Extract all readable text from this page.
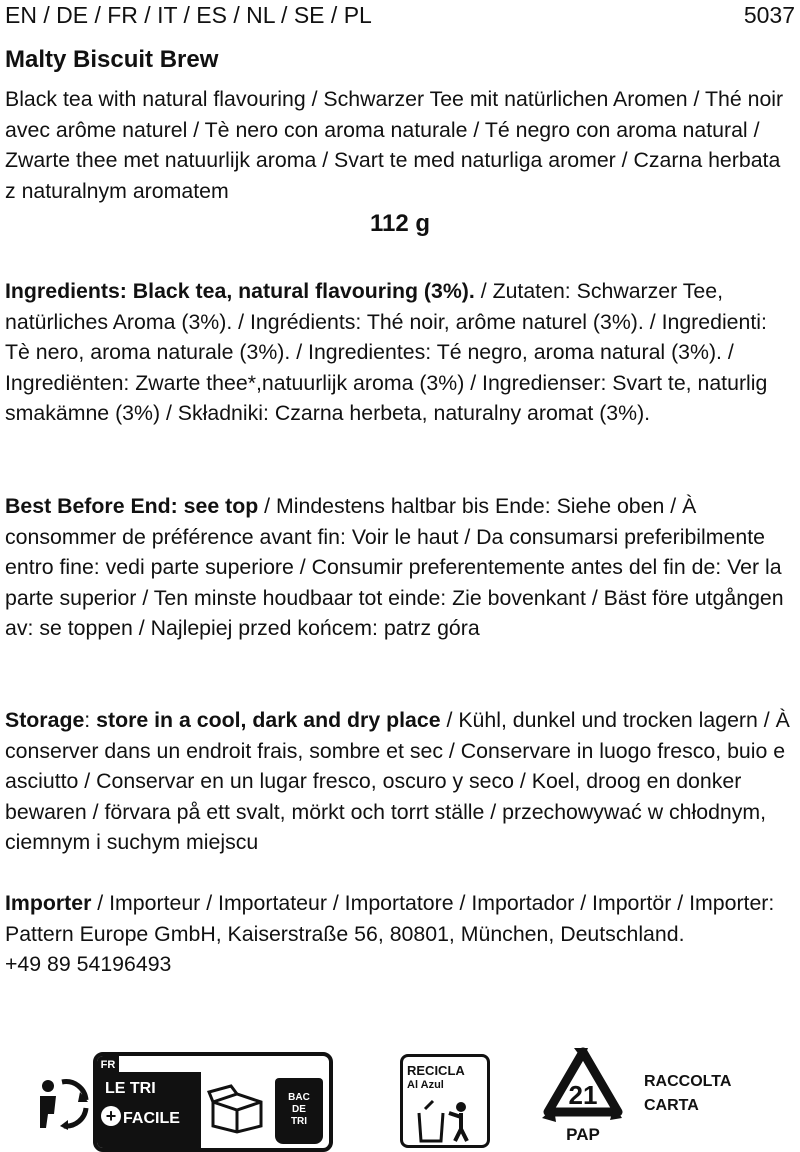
EN / DE / FR / IT / ES / NL / SE / PL	5037
Malty Biscuit Brew
Black tea with natural flavouring / Schwarzer Tee mit natürlichen Aromen / Thé noir avec arôme naturel / Tè nero con aroma naturale / Té negro con aroma natural / Zwarte thee met natuurlijk aroma / Svart te med naturliga aromer / Czarna herbata z naturalnym aromatem
112 g
Ingredients: Black tea, natural flavouring (3%). / Zutaten: Schwarzer Tee, natürliches Aroma (3%). / Ingrédients: Thé noir, arôme naturel (3%). / Ingredienti: Tè nero, aroma naturale (3%). / Ingredientes: Té negro, aroma natural (3%). / Ingrediënten: Zwarte thee*,natuurlijk aroma (3%) / Ingredienser: Svart te, naturlig smakämne (3%) / Składniki: Czarna herbeta, naturalny aromat (3%).
Best Before End: see top / Mindestens haltbar bis Ende: Siehe oben / À consommer de préférence avant fin: Voir le haut / Da consumarsi preferibilmente entro fine: vedi parte superiore / Consumir preferentemente antes del fin de: Ver la parte superior / Ten minste houdbaar tot einde: Zie bovenkant / Bäst före utgången av: se toppen / Najlepiej przed końcem: patrz góra
Storage: store in a cool, dark and dry place / Kühl, dunkel und trocken lagern / À conserver dans un endroit frais, sombre et sec / Conservare in luogo fresco, buio e asciutto / Conservar en un lugar fresco, oscuro y seco / Koel, droog en donker bewaren / förvara på ett svalt, mörkt och torrt ställe / przechowywać w chłodnym, ciemnym i suchym miejscu
Importer / Importeur / Importateur / Importatore / Importador / Importör / Importer:
Pattern Europe GmbH, Kaiserstraße 56, 80801, München, Deutschland.
+49 89 54196493
FR
LE TRI
+ FACILE
BAC
DE
TRI
RECICLA
Al Azul	21
PAP
RACCOLTA
CARTA
